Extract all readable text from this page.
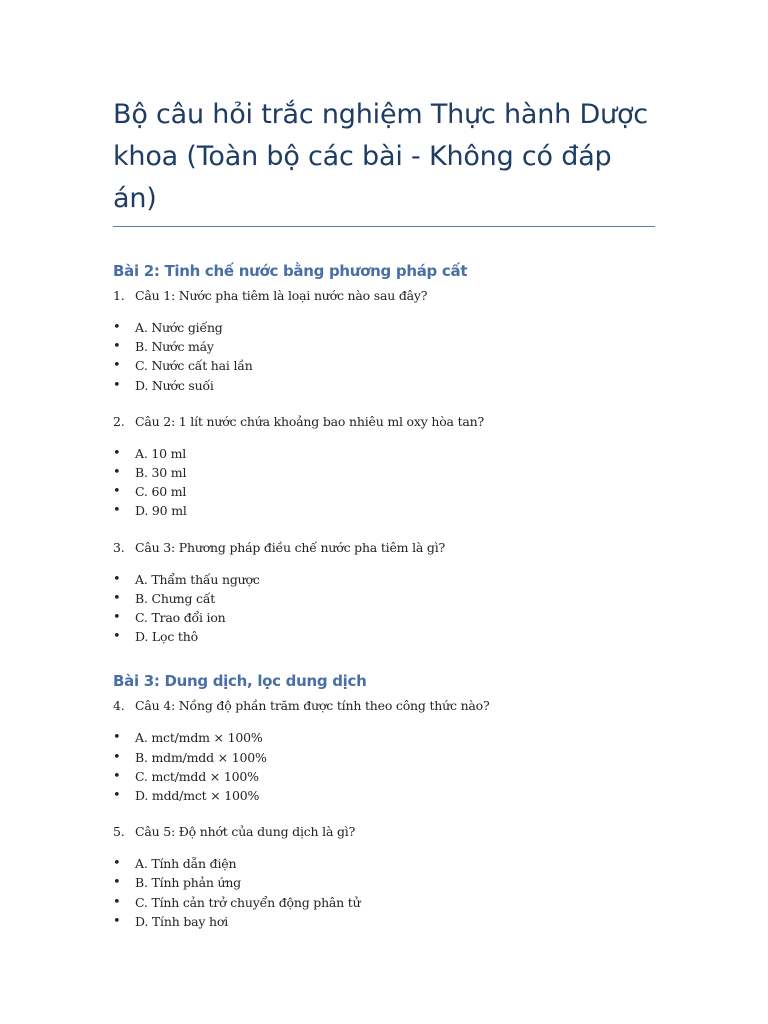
Bộ câu hỏi trắc nghiệm Thực hành Dược khoa (Toàn bộ các bài - Không có đáp án)
Bài 2: Tinh chế nước bằng phương pháp cất
1. Câu 1: Nước pha tiêm là loại nước nào sau đây?
•	A. Nước giếng
•	B. Nước máy
•	C. Nước cất hai lần
•	D. Nước suối
2. Câu 2: 1 lít nước chứa khoảng bao nhiêu ml oxy hòa tan?
•	A. 10 ml
•	B. 30 ml
•	C. 60 ml
•	D. 90 ml
3. Câu 3: Phương pháp điều chế nước pha tiêm là gì?
•	A. Thẩm thấu ngược
•	B. Chưng cất
•	C. Trao đổi ion
•	D. Lọc thô
Bài 3: Dung dịch, lọc dung dịch
4. Câu 4: Nồng độ phần trăm được tính theo công thức nào?
•	A. mct/mdm × 100%
•	B. mdm/mdd × 100%
•	C. mct/mdd × 100%
•	D. mdd/mct × 100%
5. Câu 5: Độ nhớt của dung dịch là gì?
•	A. Tính dẫn điện
•	B. Tính phản ứng
•	C. Tính cản trở chuyển động phân tử
•	D. Tính bay hơi
